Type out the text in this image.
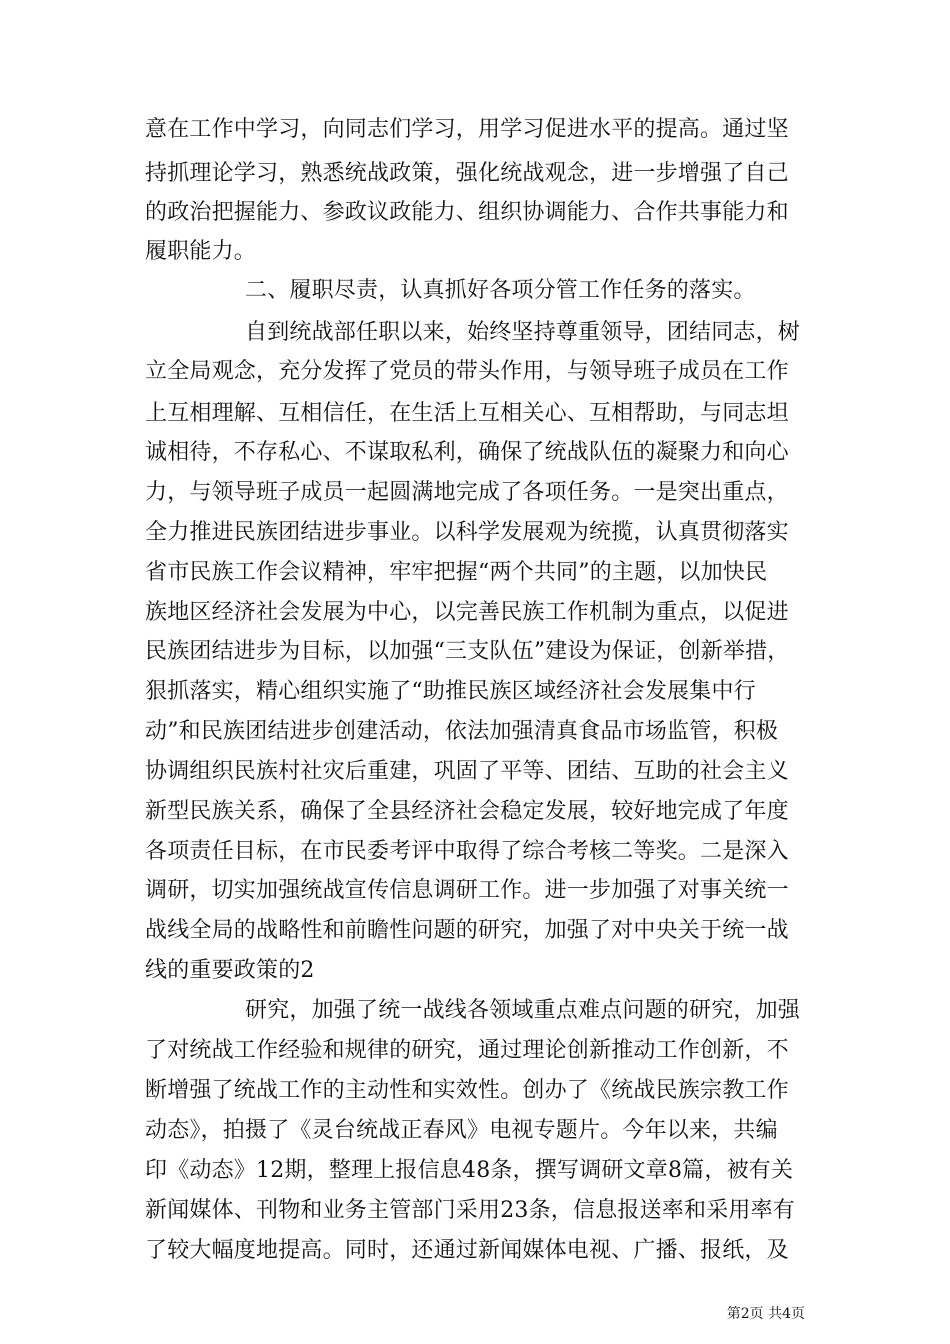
意在工作中学习，向同志们学习，用学习促进水平的提高。通过坚
持抓理论学习，熟悉统战政策，强化统战观念，进一步增强了自己
的政治把握能力、参政议政能力、组织协调能力、合作共事能力和
履职能力。
二、履职尽责，认真抓好各项分管工作任务的落实。
自到统战部任职以来，始终坚持尊重领导，团结同志，树
立全局观念，充分发挥了党员的带头作用，与领导班子成员在工作
上互相理解、互相信任，在生活上互相关心、互相帮助，与同志坦
诚相待，不存私心、不谋取私利，确保了统战队伍的凝聚力和向心
力，与领导班子成员一起圆满地完成了各项任务。一是突出重点，
全力推进民族团结进步事业。以科学发展观为统揽，认真贯彻落实
省市民族工作会议精神，牢牢把握“两个共同”的主题，以加快民
族地区经济社会发展为中心，以完善民族工作机制为重点，以促进
民族团结进步为目标，以加强“三支队伍”建设为保证，创新举措，
狠抓落实，精心组织实施了“助推民族区域经济社会发展集中行
动”和民族团结进步创建活动，依法加强清真食品市场监管，积极
协调组织民族村社灾后重建，巩固了平等、团结、互助的社会主义
新型民族关系，确保了全县经济社会稳定发展，较好地完成了年度
各项责任目标，在市民委考评中取得了综合考核二等奖。二是深入
调研，切实加强统战宣传信息调研工作。进一步加强了对事关统一
战线全局的战略性和前瞻性问题的研究，加强了对中央关于统一战
线的重要政策的2
研究，加强了统一战线各领域重点难点问题的研究，加强
了对统战工作经验和规律的研究，通过理论创新推动工作创新，不
断增强了统战工作的主动性和实效性。创办了《统战民族宗教工作
动态》，拍摄了《灵台统战正春风》电视专题片。今年以来，共编
印《动态》12期，整理上报信息48条，撰写调研文章8篇，被有关
新闻媒体、刊物和业务主管部门采用23条，信息报送率和采用率有
了较大幅度地提高。同时，还通过新闻媒体电视、广播、报纸，及
第2页 共4页
